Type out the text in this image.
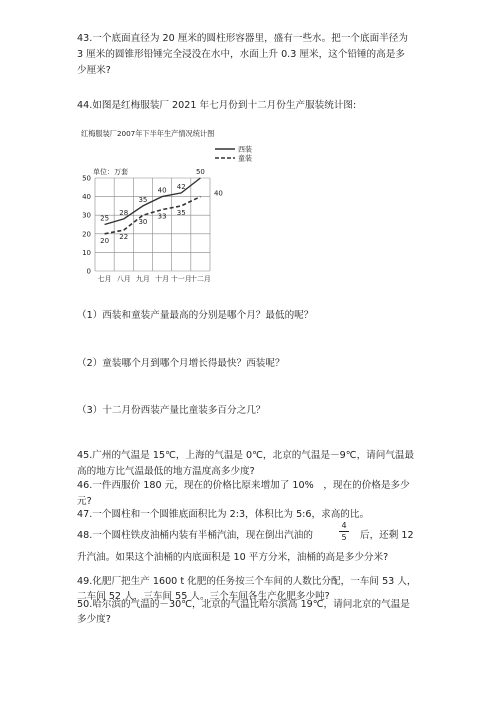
43.一个底面直径为 20 厘米的圆柱形容器里，盛有一些水。把一个底面半径为
3 厘米的圆锥形铅锤完全浸没在水中，水面上升 0.3 厘米，这个铅锤的高是多
少厘米?
44.如图是红梅服装厂 2021 年七月份到十二月份生产服装统计图:
红梅服装厂2007年下半年生产情况统计图
单位：万套
0
10
20
30
40
50
七月 八月 九月 十月 十一月
十二月
西装
童装
25
28
35
40 42
50
20 22
30
33 35
40
（1）西装和童装产量最高的分别是哪个月？最低的呢？
（2）童装哪个月到哪个月增长得最快？西装呢？
（3）十二月份西装产量比童装多百分之几？
45.广州的气温是 15℃，上海的气温是 0℃，北京的气温是－9℃，请问气温最
高的地方比气温最低的地方温度高多少度?
46.一件西服价 180 元，现在的价格比原来增加了 10%　，现在的价格是多少
元?
47.一个圆柱和一个圆锥底面积比为 2:3，体积比为 5:6，求高的比。
48.一个圆柱铁皮油桶内装有半桶汽油，现在倒出汽油的
4
5 后，还剩 12
升汽油。如果这个油桶的内底面积是 10 平方分米，油桶的高是多少分米?
49.化肥厂把生产 1600 t 化肥的任务按三个车间的人数比分配，一车间 53 人，
二车间 52 人，三车间 55 人。三个车间各生产化肥多少吨?
50.哈尔滨的气温的－30℃，北京的气温比哈尔滨高 19℃，请问北京的气温是
多少度?
